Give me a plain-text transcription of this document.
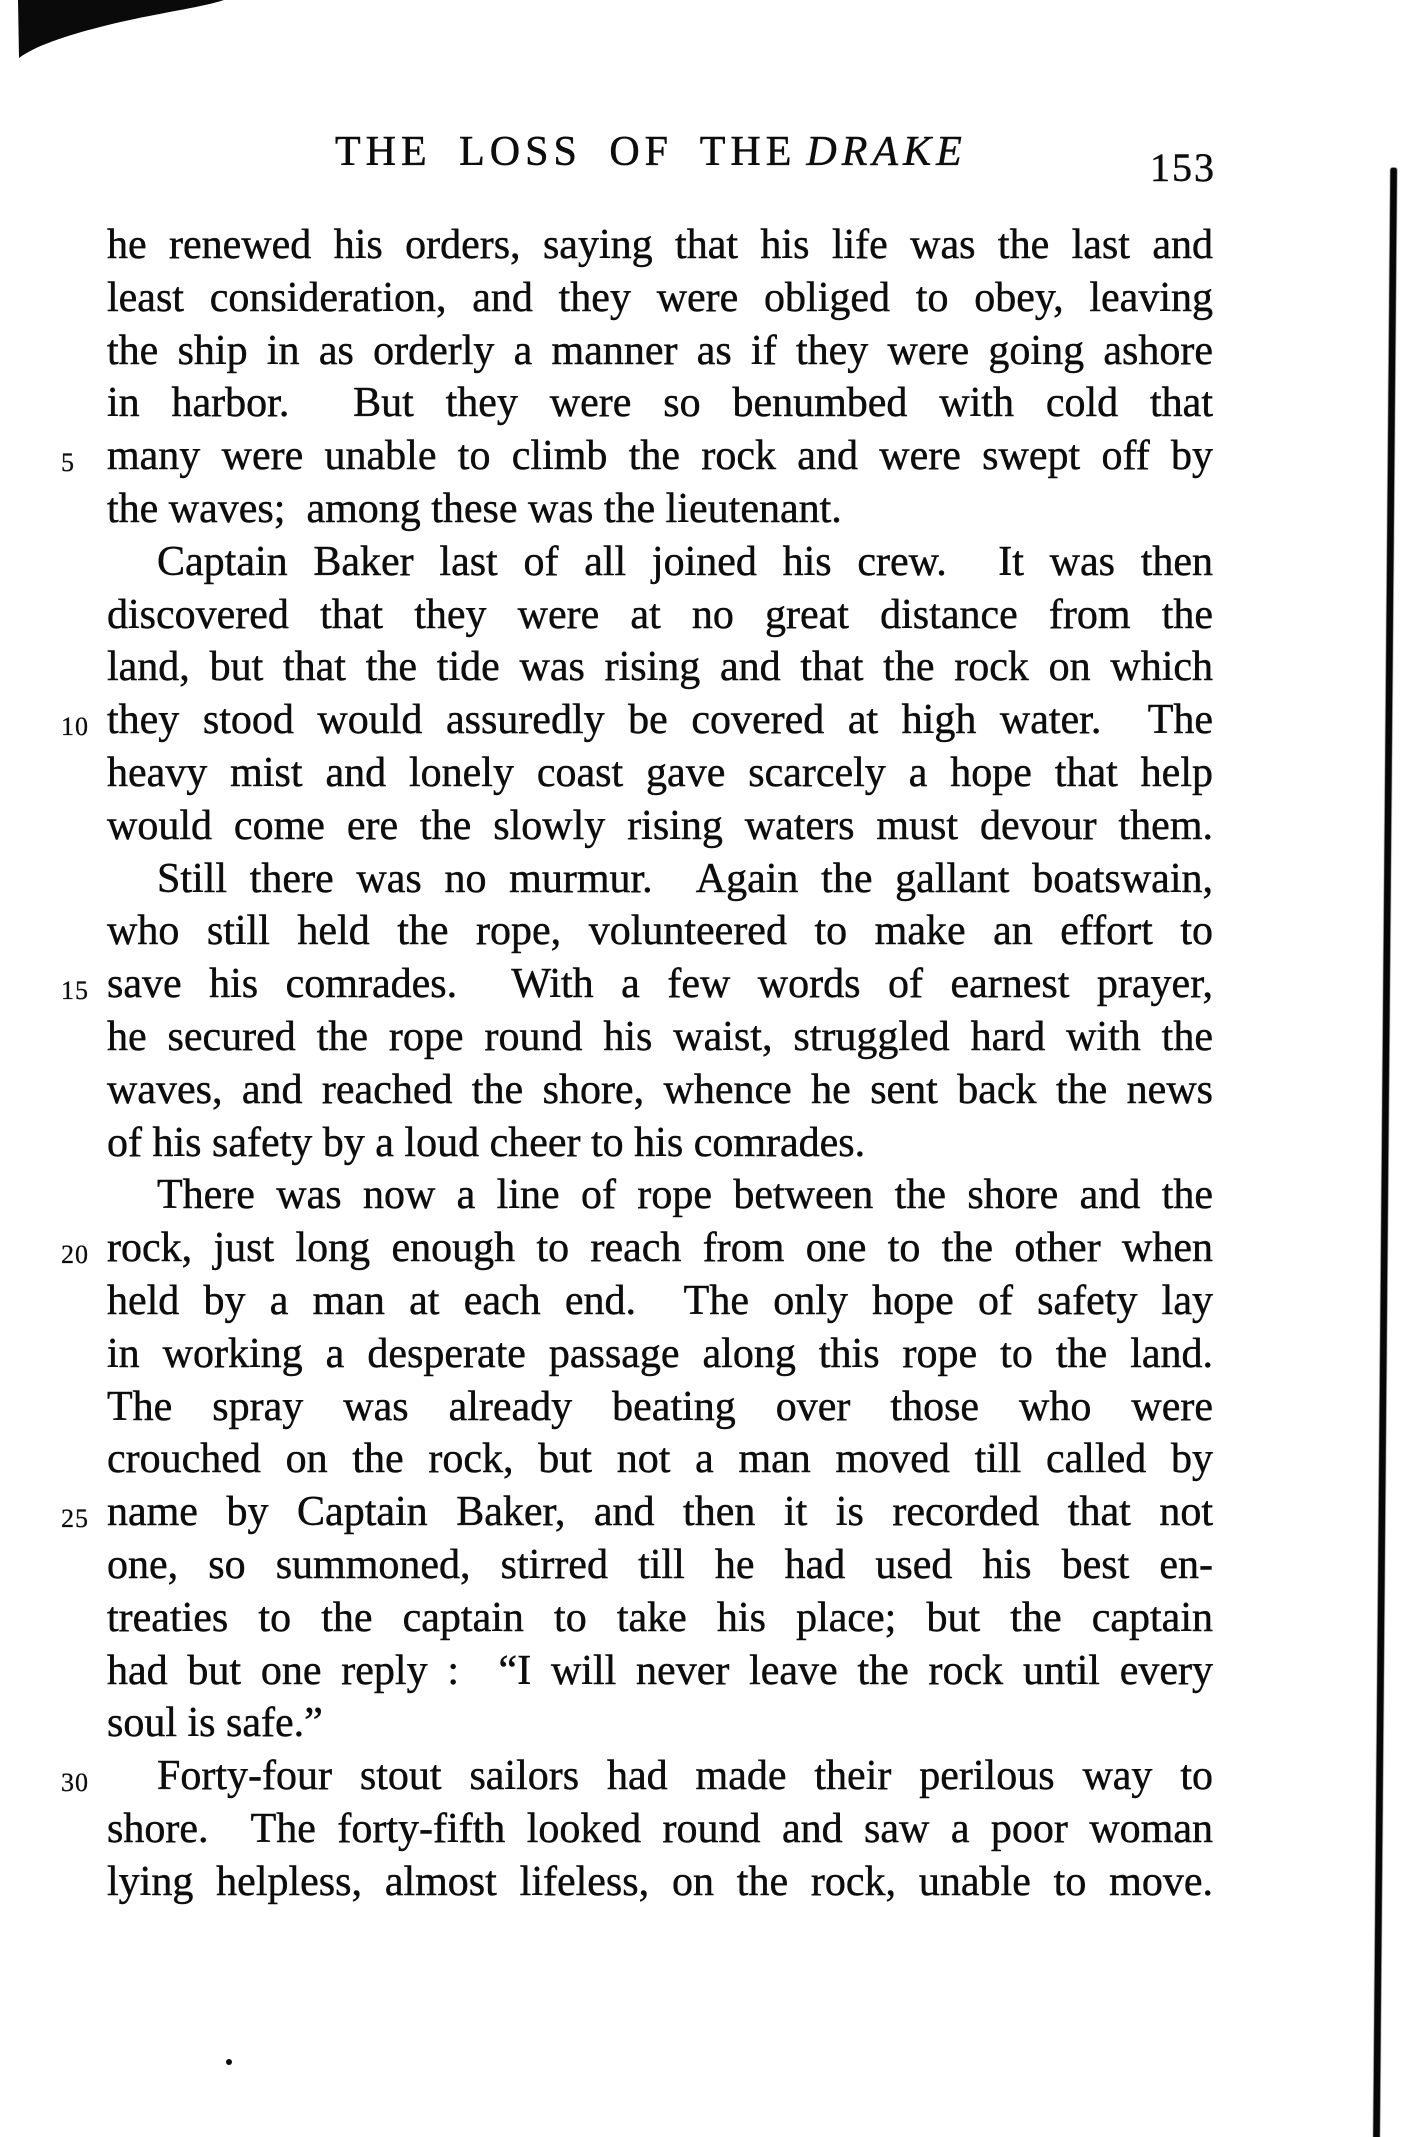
THE LOSS OF THE DRAKE	153
he renewed his orders, saying that his life was the last and
least consideration, and they were obliged to obey, leaving
the ship in as orderly a manner as if they were going ashore
in harbor.  But they were so benumbed with cold that
5 many were unable to climb the rock and were swept off by
the waves;  among these was the lieutenant.
Captain Baker last of all joined his crew.  It was then
discovered that they were at no great distance from the
land, but that the tide was rising and that the rock on which
10 they stood would assuredly be covered at high water.  The
heavy mist and lonely coast gave scarcely a hope that help
would come ere the slowly rising waters must devour them.
Still there was no murmur.  Again the gallant boatswain,
who still held the rope, volunteered to make an effort to
15 save his comrades.  With a few words of earnest prayer,
he secured the rope round his waist, struggled hard with the
waves, and reached the shore, whence he sent back the news
of his safety by a loud cheer to his comrades.
There was now a line of rope between the shore and the
20 rock, just long enough to reach from one to the other when
held by a man at each end.  The only hope of safety lay
in working a desperate passage along this rope to the land.
The spray was already beating over those who were
crouched on the rock, but not a man moved till called by
25 name by Captain Baker, and then it is recorded that not
one, so summoned, stirred till he had used his best en-
treaties to the captain to take his place; but the captain
had but one reply :  “I will never leave the rock until every
soul is safe.”
30 Forty-four stout sailors had made their perilous way to
shore.  The forty-fifth looked round and saw a poor woman
lying helpless, almost lifeless, on the rock, unable to move.
